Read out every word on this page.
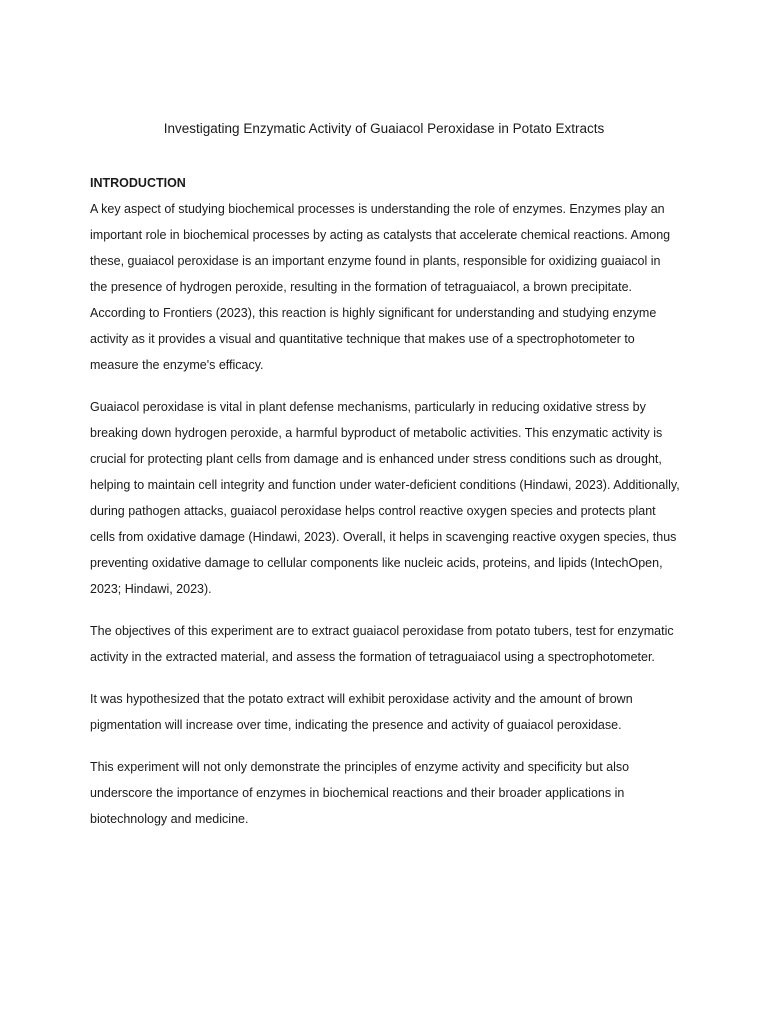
Investigating Enzymatic Activity of Guaiacol Peroxidase in Potato Extracts
INTRODUCTION

A key aspect of studying biochemical processes is understanding the role of enzymes. Enzymes play an important role in biochemical processes by acting as catalysts that accelerate chemical reactions. Among these, guaiacol peroxidase is an important enzyme found in plants, responsible for oxidizing guaiacol in the presence of hydrogen peroxide, resulting in the formation of tetraguaiacol, a brown precipitate. According to Frontiers (2023), this reaction is highly significant for understanding and studying enzyme activity as it provides a visual and quantitative technique that makes use of a spectrophotometer to measure the enzyme's efficacy.

Guaiacol peroxidase is vital in plant defense mechanisms, particularly in reducing oxidative stress by breaking down hydrogen peroxide, a harmful byproduct of metabolic activities. This enzymatic activity is crucial for protecting plant cells from damage and is enhanced under stress conditions such as drought, helping to maintain cell integrity and function under water-deficient conditions (Hindawi, 2023). Additionally, during pathogen attacks, guaiacol peroxidase helps control reactive oxygen species and protects plant cells from oxidative damage (Hindawi, 2023). Overall, it helps in scavenging reactive oxygen species, thus preventing oxidative damage to cellular components like nucleic acids, proteins, and lipids (IntechOpen, 2023; Hindawi, 2023).

The objectives of this experiment are to extract guaiacol peroxidase from potato tubers, test for enzymatic activity in the extracted material, and assess the formation of tetraguaiacol using a spectrophotometer.

It was hypothesized that the potato extract will exhibit peroxidase activity and the amount of brown pigmentation will increase over time, indicating the presence and activity of guaiacol peroxidase.

This experiment will not only demonstrate the principles of enzyme activity and specificity but also underscore the importance of enzymes in biochemical reactions and their broader applications in biotechnology and medicine.
